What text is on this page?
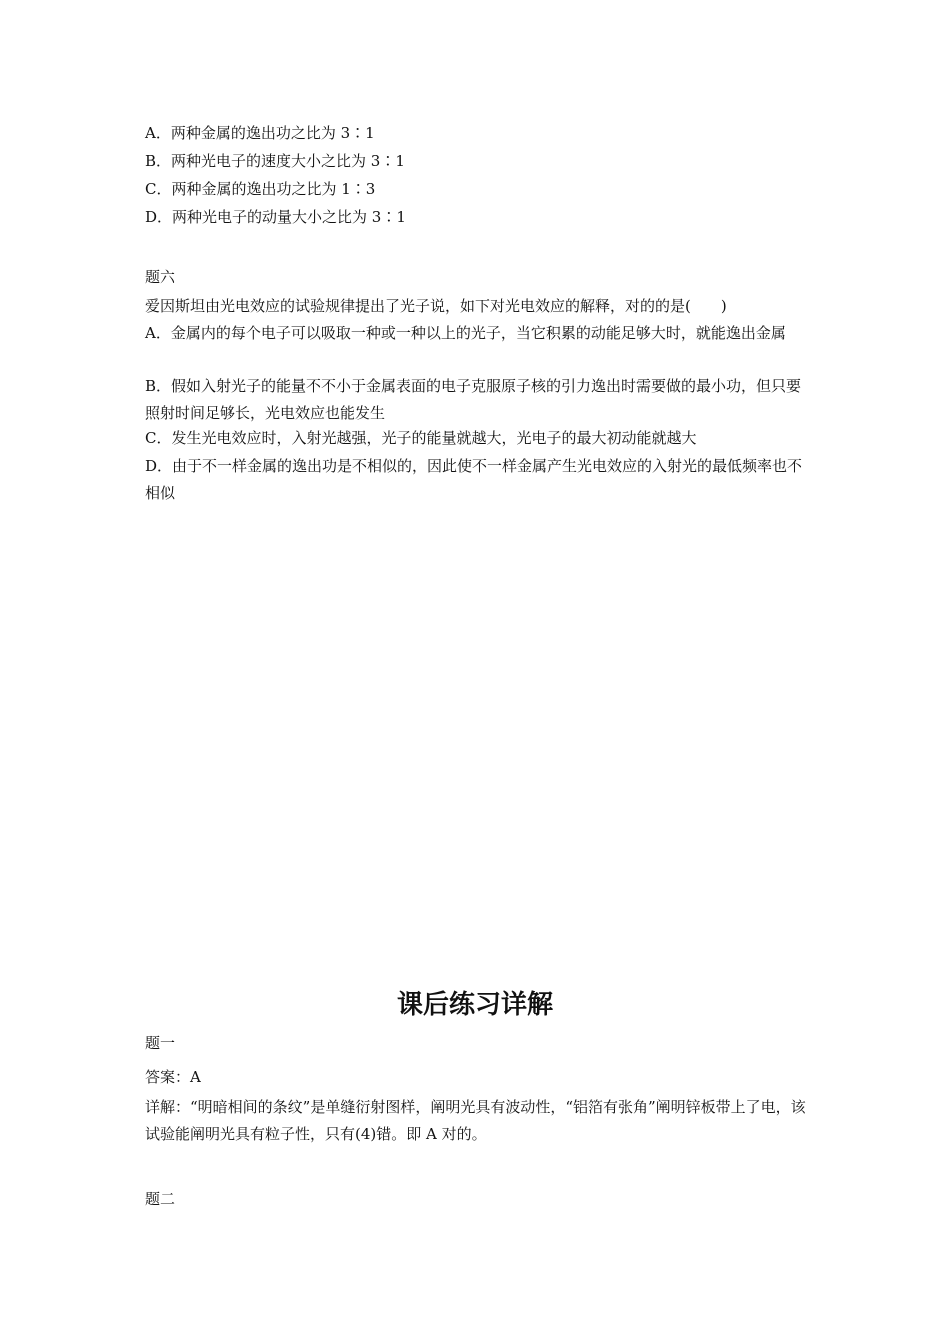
A．两种金属的逸出功之比为 3∶1
B．两种光电子的速度大小之比为 3∶1
C．两种金属的逸出功之比为 1∶3
D．两种光电子的动量大小之比为 3∶1
题六
爱因斯坦由光电效应的试验规律提出了光子说，如下对光电效应的解释，对的的是(　　)
A．金属内的每个电子可以吸取一种或一种以上的光子，当它积累的动能足够大时，就能逸出金属
B．假如入射光子的能量不不小于金属表面的电子克服原子核的引力逸出时需要做的最小功，但只要照射时间足够长，光电效应也能发生
C．发生光电效应时，入射光越强，光子的能量就越大，光电子的最大初动能就越大
D．由于不一样金属的逸出功是不相似的，因此使不一样金属产生光电效应的入射光的最低频率也不相似
课后练习详解
题一
答案：A
详解：“明暗相间的条纹”是单缝衍射图样，阐明光具有波动性，“铝箔有张角”阐明锌板带上了电，该试验能阐明光具有粒子性，只有(4)错。即 A 对的。
题二
